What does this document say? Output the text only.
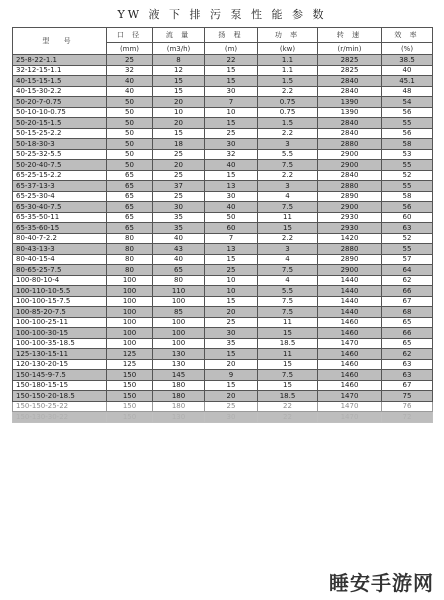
YW 液 下 排 污 泵 性 能 参 数
型 号	口 径	流 量	扬 程	功 率	转 速	效 率
	(mm)	(m3/h)	(m)	(kw)	(r/min)	(%)
25-8-22-1.1	25	8	22	1.1	2825	38.5
32-12-15-1.1	32	12	15	1.1	2825	40
40-15-15-1.5	40	15	15	1.5	2840	45.1
40-15-30-2.2	40	15	30	2.2	2840	48
50-20-7-0.75	50	20	7	0.75	1390	54
50-10-10-0.75	50	10	10	0.75	1390	56
50-20-15-1.5	50	20	15	1.5	2840	55
50-15-25-2.2	50	15	25	2.2	2840	56
50-18-30-3	50	18	30	3	2880	58
50-25-32-5.5	50	25	32	5.5	2900	53
50-20-40-7.5	50	20	40	7.5	2900	55
65-25-15-2.2	65	25	15	2.2	2840	52
65-37-13-3	65	37	13	3	2880	55
65-25-30-4	65	25	30	4	2890	58
65-30-40-7.5	65	30	40	7.5	2900	56
65-35-50-11	65	35	50	11	2930	60
65-35-60-15	65	35	60	15	2930	63
80-40-7-2.2	80	40	7	2.2	1420	52
80-43-13-3	80	43	13	3	2880	55
80-40-15-4	80	40	15	4	2890	57
80-65-25-7.5	80	65	25	7.5	2900	64
100-80-10-4	100	80	10	4	1440	62
100-110-10-5.5	100	110	10	5.5	1440	66
100-100-15-7.5	100	100	15	7.5	1440	67
100-85-20-7.5	100	85	20	7.5	1440	68
100-100-25-11	100	100	25	11	1460	65
100-100-30-15	100	100	30	15	1460	66
100-100-35-18.5	100	100	35	18.5	1470	65
125-130-15-11	125	130	15	11	1460	62
120-130-20-15	125	130	20	15	1460	63
150-145-9-7.5	150	145	9	7.5	1460	63
150-180-15-15	150	180	15	15	1460	67
150-150-20-18.5	150	180	20	18.5	1470	75
150-150-25-22	150	180	25	22	1470	76
150-130-30-22	150	130	30	22	1470	72
睡安手游网
